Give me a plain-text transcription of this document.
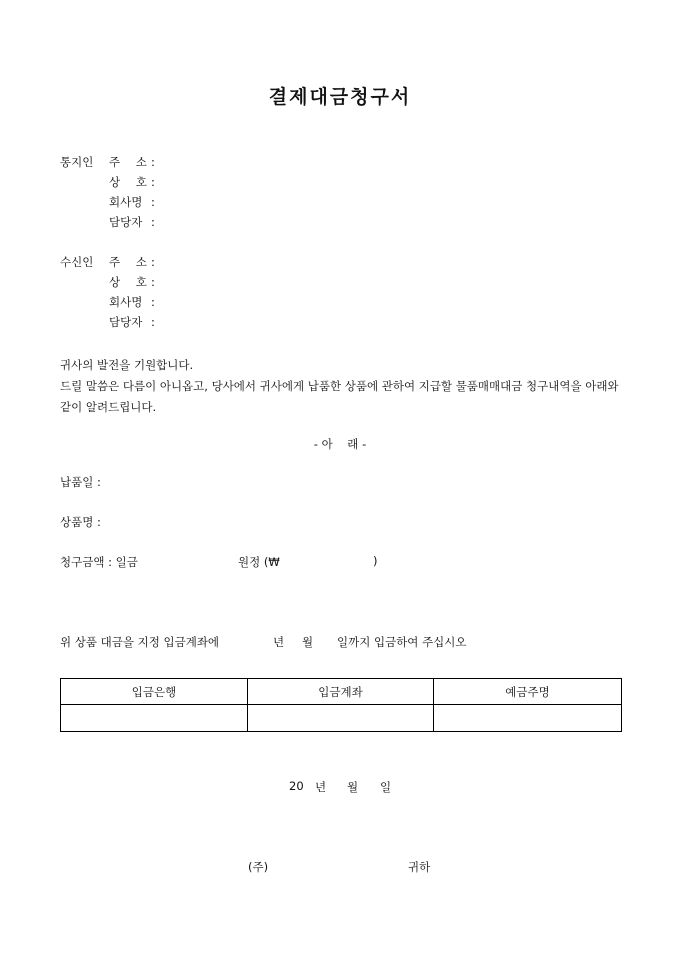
결제대금청구서
통지인 주 소 :
상 호 :
회사명 :
담당자 :
수신인 주 소 :
상 호 :
회사명 :
담당자 :

귀사의 발전을 기원합니다.

드릴 말씀은 다름이 아니옵고, 당사에서 귀사에게 납품한 상품에 관하여 지급할 물품매매대금 청구내역을 아래와 같이 알려드립니다.

- 아    래 -
납품일 :
상품명 :
청구금액 : 일금	원정 (₩	)
위 상품 대금을 지정 입금계좌에	년 월 일까지 입금하여 주십시오
입금은행	입금계좌	예금주명

20 년 월 일
(주)	귀하
